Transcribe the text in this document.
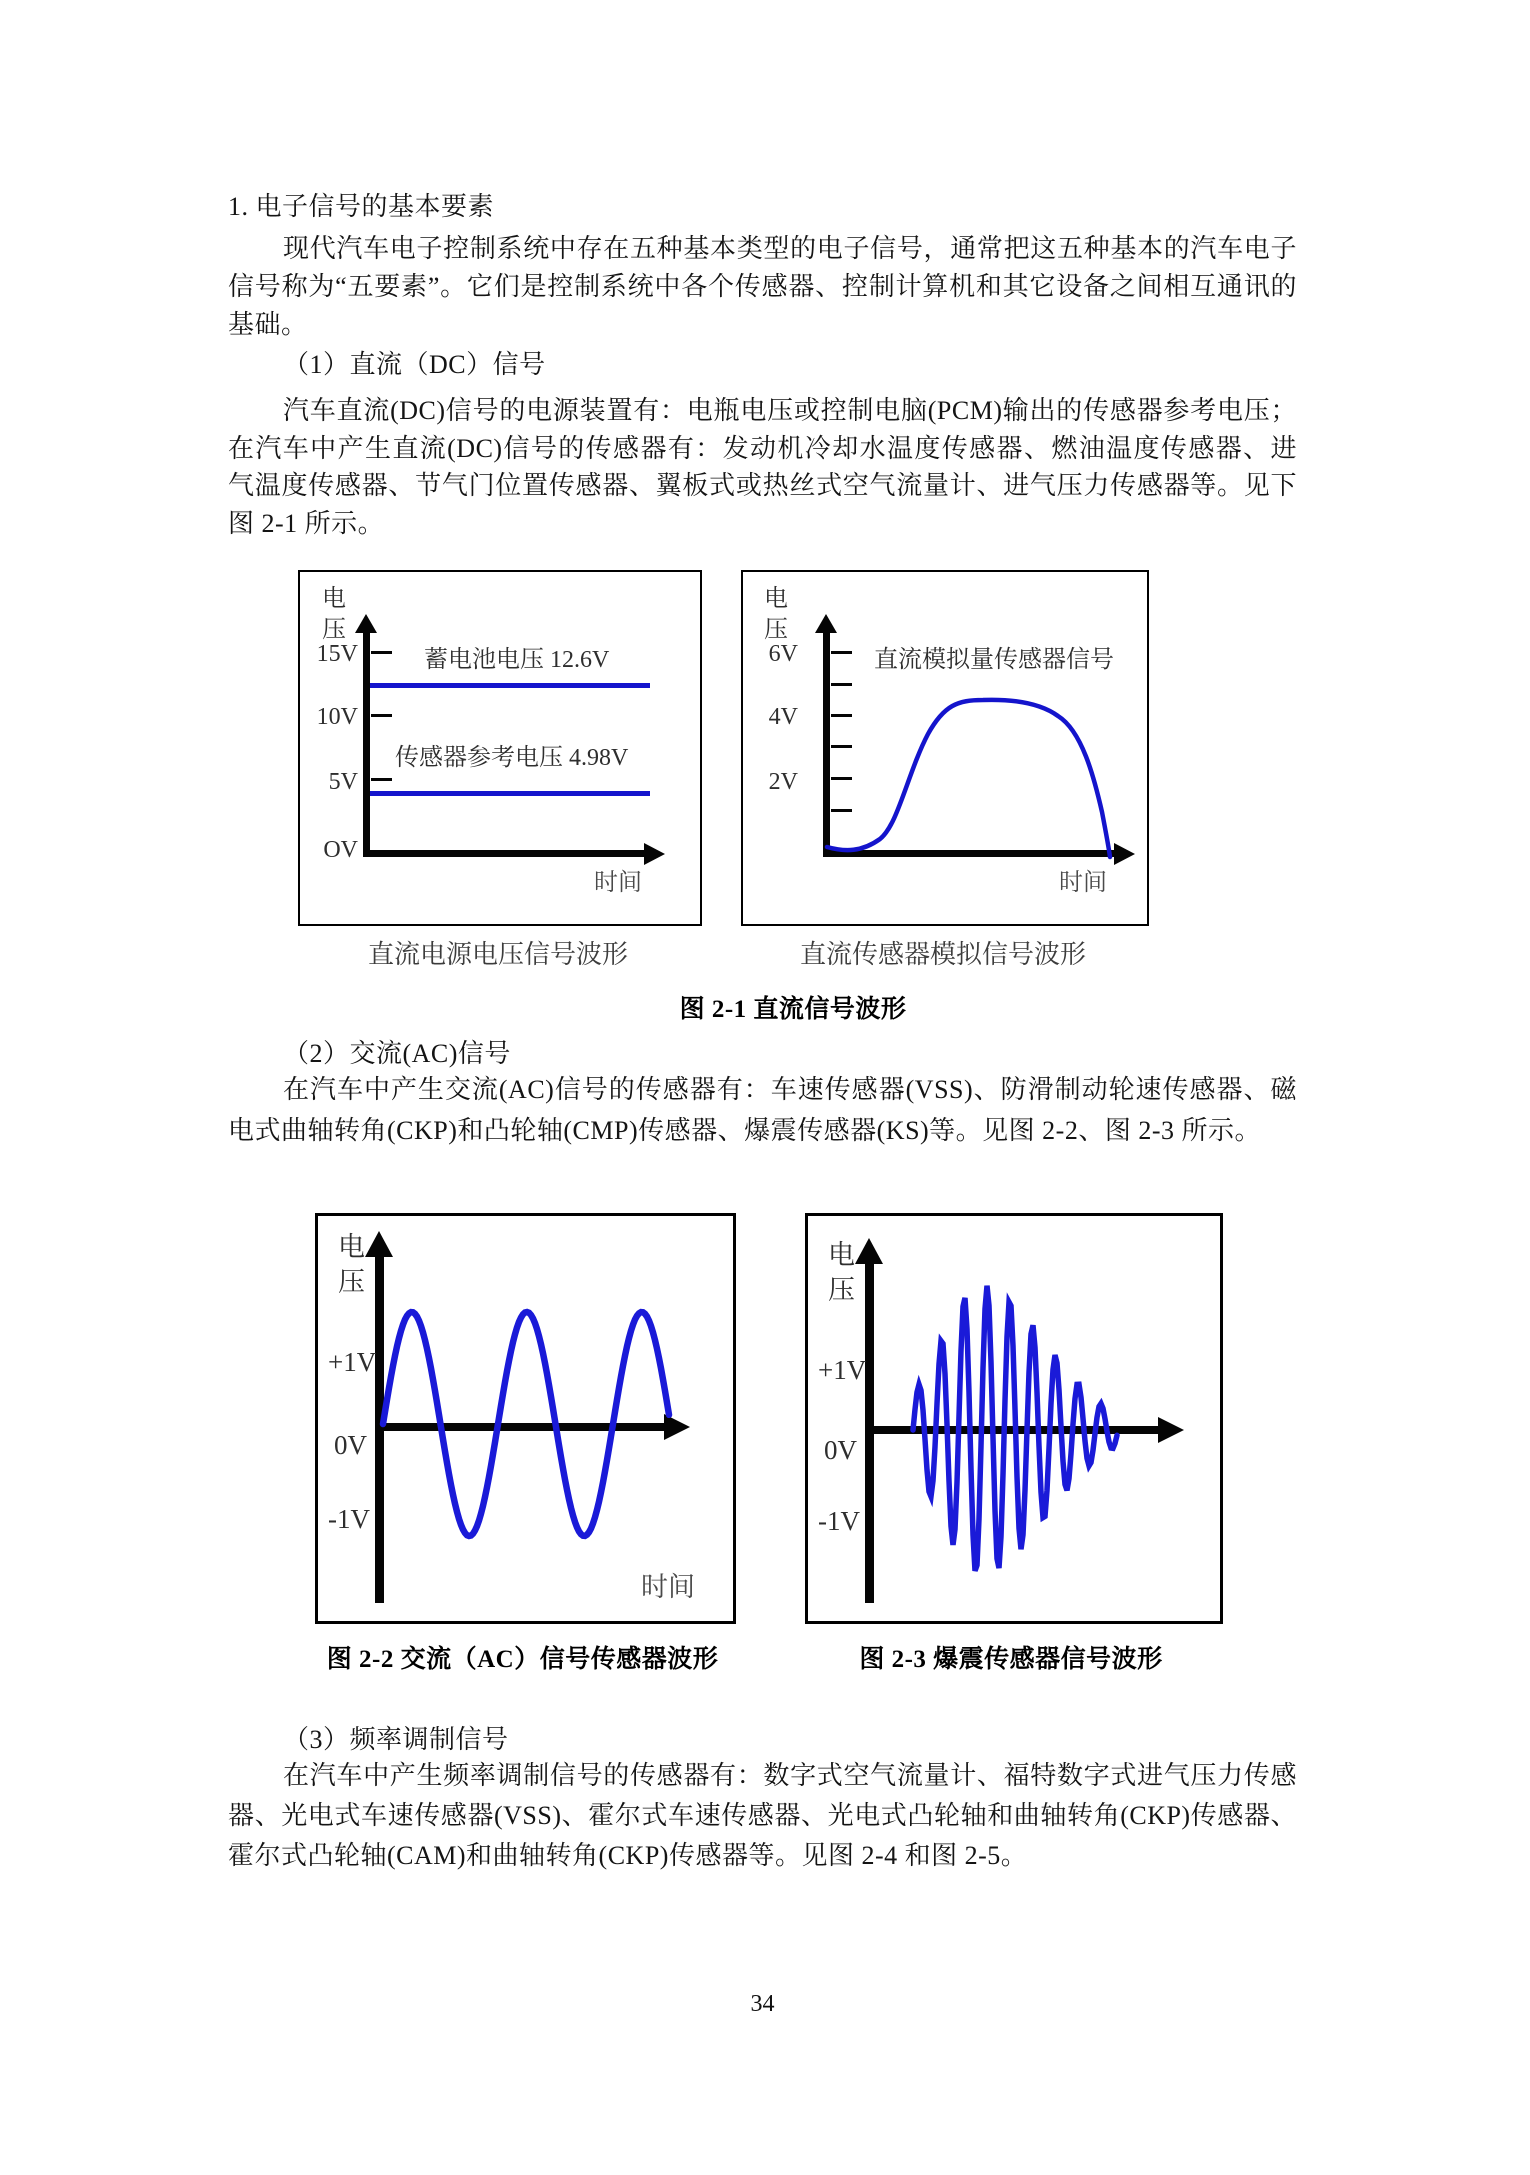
1. 电子信号的基本要素
现代汽车电子控制系统中存在五种基本类型的电子信号，通常把这五种基本的汽车电子
信号称为“五要素”。它们是控制系统中各个传感器、控制计算机和其它设备之间相互通讯的
基础。
（1）直流（DC）信号
汽车直流(DC)信号的电源装置有：电瓶电压或控制电脑(PCM)输出的传感器参考电压；
在汽车中产生直流(DC)信号的传感器有：发动机冷却水温度传感器、燃油温度传感器、进
气温度传感器、节气门位置传感器、翼板式或热丝式空气流量计、进气压力传感器等。见下
图 2-1 所示。
电压
15V
10V
5V
OV
蓄电池电压 12.6V
传感器参考电压 4.98V
时间
直流电源电压信号波形
电压
6V
4V
2V
直流模拟量传感器信号
时间
直流传感器模拟信号波形
图 2-1 直流信号波形
（2）交流(AC)信号
在汽车中产生交流(AC)信号的传感器有：车速传感器(VSS)、防滑制动轮速传感器、磁
电式曲轴转角(CKP)和凸轮轴(CMP)传感器、爆震传感器(KS)等。见图 2-2、图 2-3 所示。
电压
+1V
0V
-1V
时间
图 2-2 交流（AC）信号传感器波形
电压
+1V
0V
-1V
图 2-3 爆震传感器信号波形
（3）频率调制信号
在汽车中产生频率调制信号的传感器有：数字式空气流量计、福特数字式进气压力传感
器、光电式车速传感器(VSS)、霍尔式车速传感器、光电式凸轮轴和曲轴转角(CKP)传感器、
霍尔式凸轮轴(CAM)和曲轴转角(CKP)传感器等。见图 2-4 和图 2-5。
34
